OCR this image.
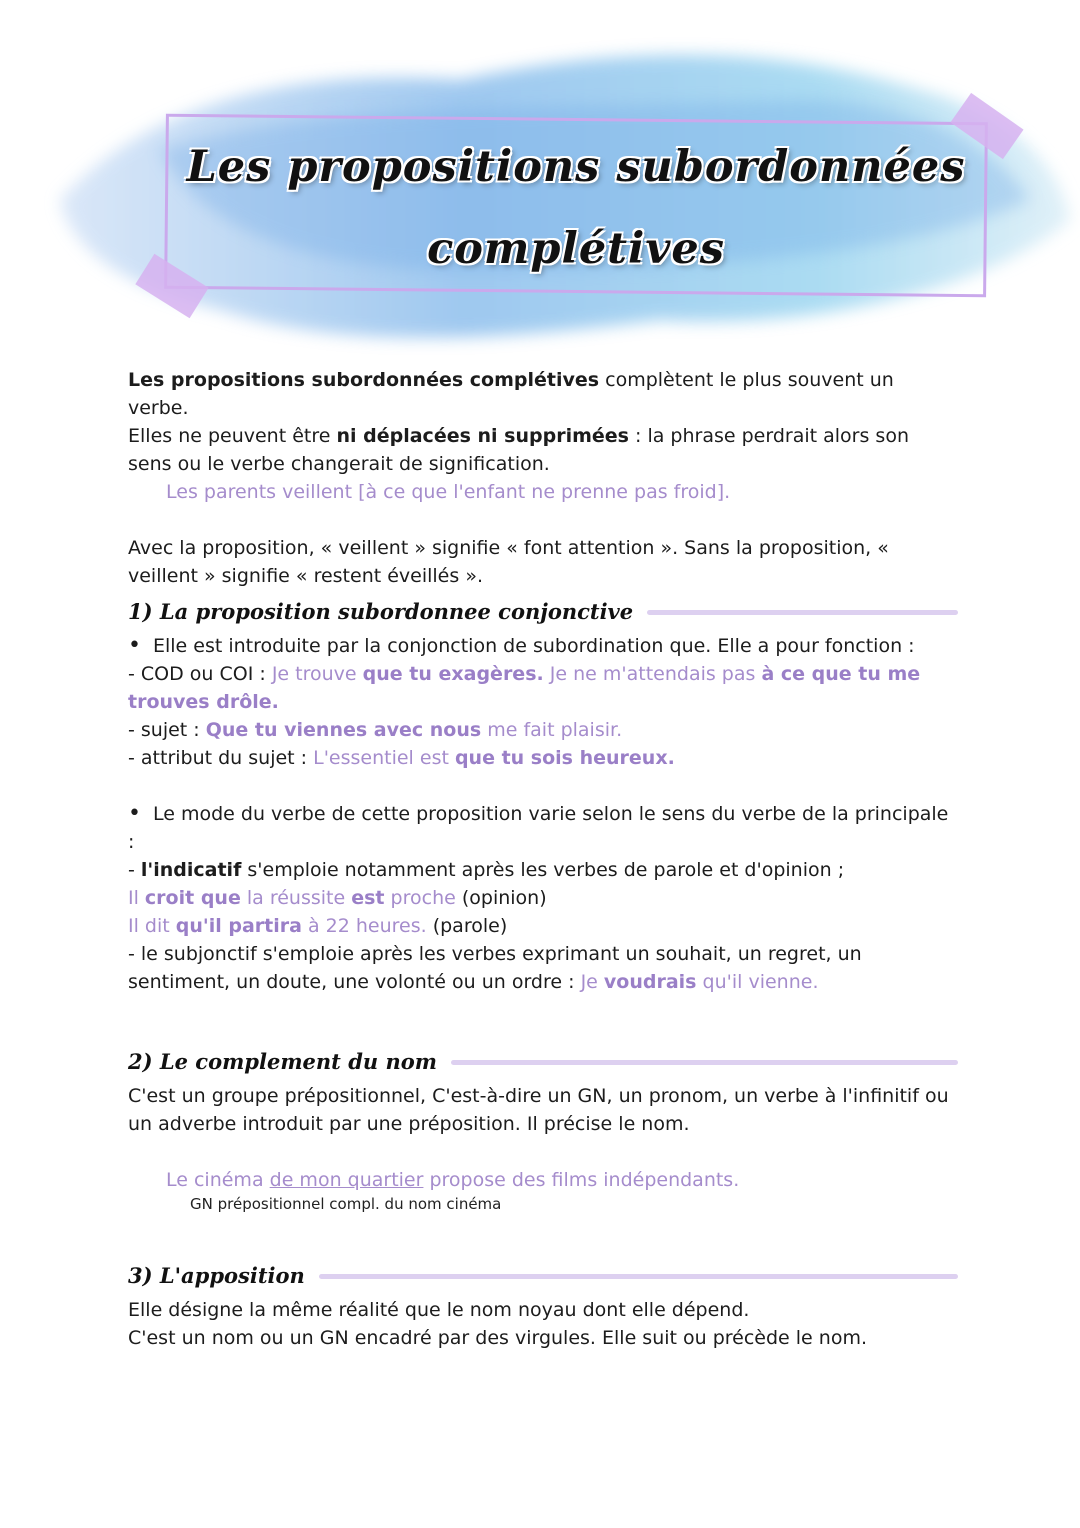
Les propositions subordonnées
complétives

Les propositions subordonnées complétives complètent le plus souvent un verbe.
Elles ne peuvent être ni déplacées ni supprimées : la phrase perdrait alors son sens ou le verbe changerait de signification.

Les parents veillent [à ce que l'enfant ne prenne pas froid].

Avec la proposition, « veillent » signifie « font attention ». Sans la proposition, « veillent » signifie « restent éveillés ».

1) La proposition subordonnee conjonctive

• Elle est introduite par la conjonction de subordination que. Elle a pour fonction :

- COD ou COI : Je trouve que tu exagères. Je ne m'attendais pas à ce que tu me trouves drôle.

- sujet : Que tu viennes avec nous me fait plaisir.

- attribut du sujet : L'essentiel est que tu sois heureux.

• Le mode du verbe de cette proposition varie selon le sens du verbe de la principale :

- l'indicatif s'emploie notamment après les verbes de parole et d'opinion ;

Il croit que la réussite est proche (opinion)

Il dit qu'il partira à 22 heures. (parole)

- le subjonctif s'emploie après les verbes exprimant un souhait, un regret, un sentiment, un doute, une volonté ou un ordre : Je voudrais qu'il vienne.

2) Le complement du nom

C'est un groupe prépositionnel, C'est-à-dire un GN, un pronom, un verbe à l'infinitif ou un adverbe introduit par une préposition. Il précise le nom.

Le cinéma de mon quartier propose des films indépendants.

GN prépositionnel compl. du nom cinéma

3) L'apposition

Elle désigne la même réalité que le nom noyau dont elle dépend.

C'est un nom ou un GN encadré par des virgules. Elle suit ou précède le nom.
